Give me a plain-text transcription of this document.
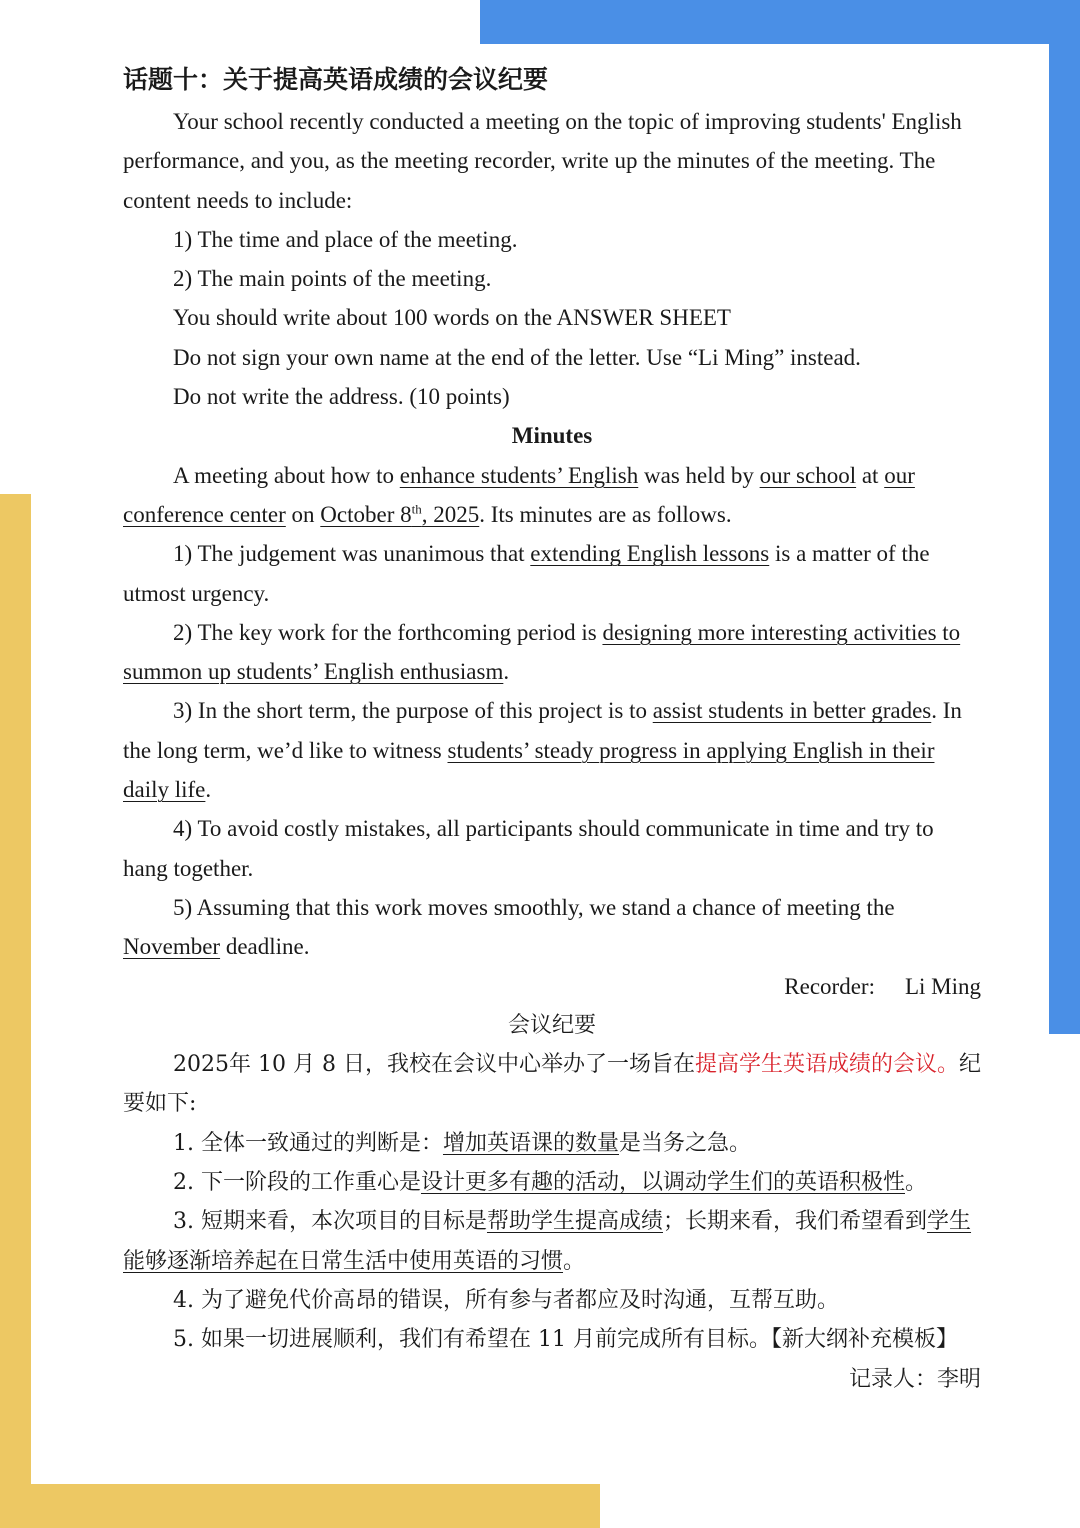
话题十：关于提高英语成绩的会议纪要

Your school recently conducted a meeting on the topic of improving students' English performance, and you, as the meeting recorder, write up the minutes of the meeting. The content needs to include:

1) The time and place of the meeting.

2) The main points of the meeting.

You should write about 100 words on the ANSWER SHEET

Do not sign your own name at the end of the letter. Use “Li Ming” instead.

Do not write the address. (10 points)

Minutes

A meeting about how to enhance students’ English was held by our school at our conference center on October 8th, 2025. Its minutes are as follows.

1) The judgement was unanimous that extending English lessons is a matter of the utmost urgency.

2) The key work for the forthcoming period is designing more interesting activities to summon up students’ English enthusiasm.

3) In the short term, the purpose of this project is to assist students in better grades. In the long term, we’d like to witness students’ steady progress in applying English in their daily life.

4) To avoid costly mistakes, all participants should communicate in time and try to hang together.

5) Assuming that this work moves smoothly, we stand a chance of meeting the November deadline.

Recorder: Li Ming

会议纪要

2025年 10 月 8 日，我校在会议中心举办了一场旨在提高学生英语成绩的会议。纪要如下:

1. 全体一致通过的判断是：增加英语课的数量是当务之急。

2. 下一阶段的工作重心是设计更多有趣的活动，以调动学生们的英语积极性。

3. 短期来看，本次项目的目标是帮助学生提高成绩；长期来看，我们希望看到学生能够逐渐培养起在日常生活中使用英语的习惯。

4. 为了避免代价高昂的错误，所有参与者都应及时沟通，互帮互助。

5. 如果一切进展顺利，我们有希望在 11 月前完成所有目标。【新大纲补充模板】

记录人：李明
